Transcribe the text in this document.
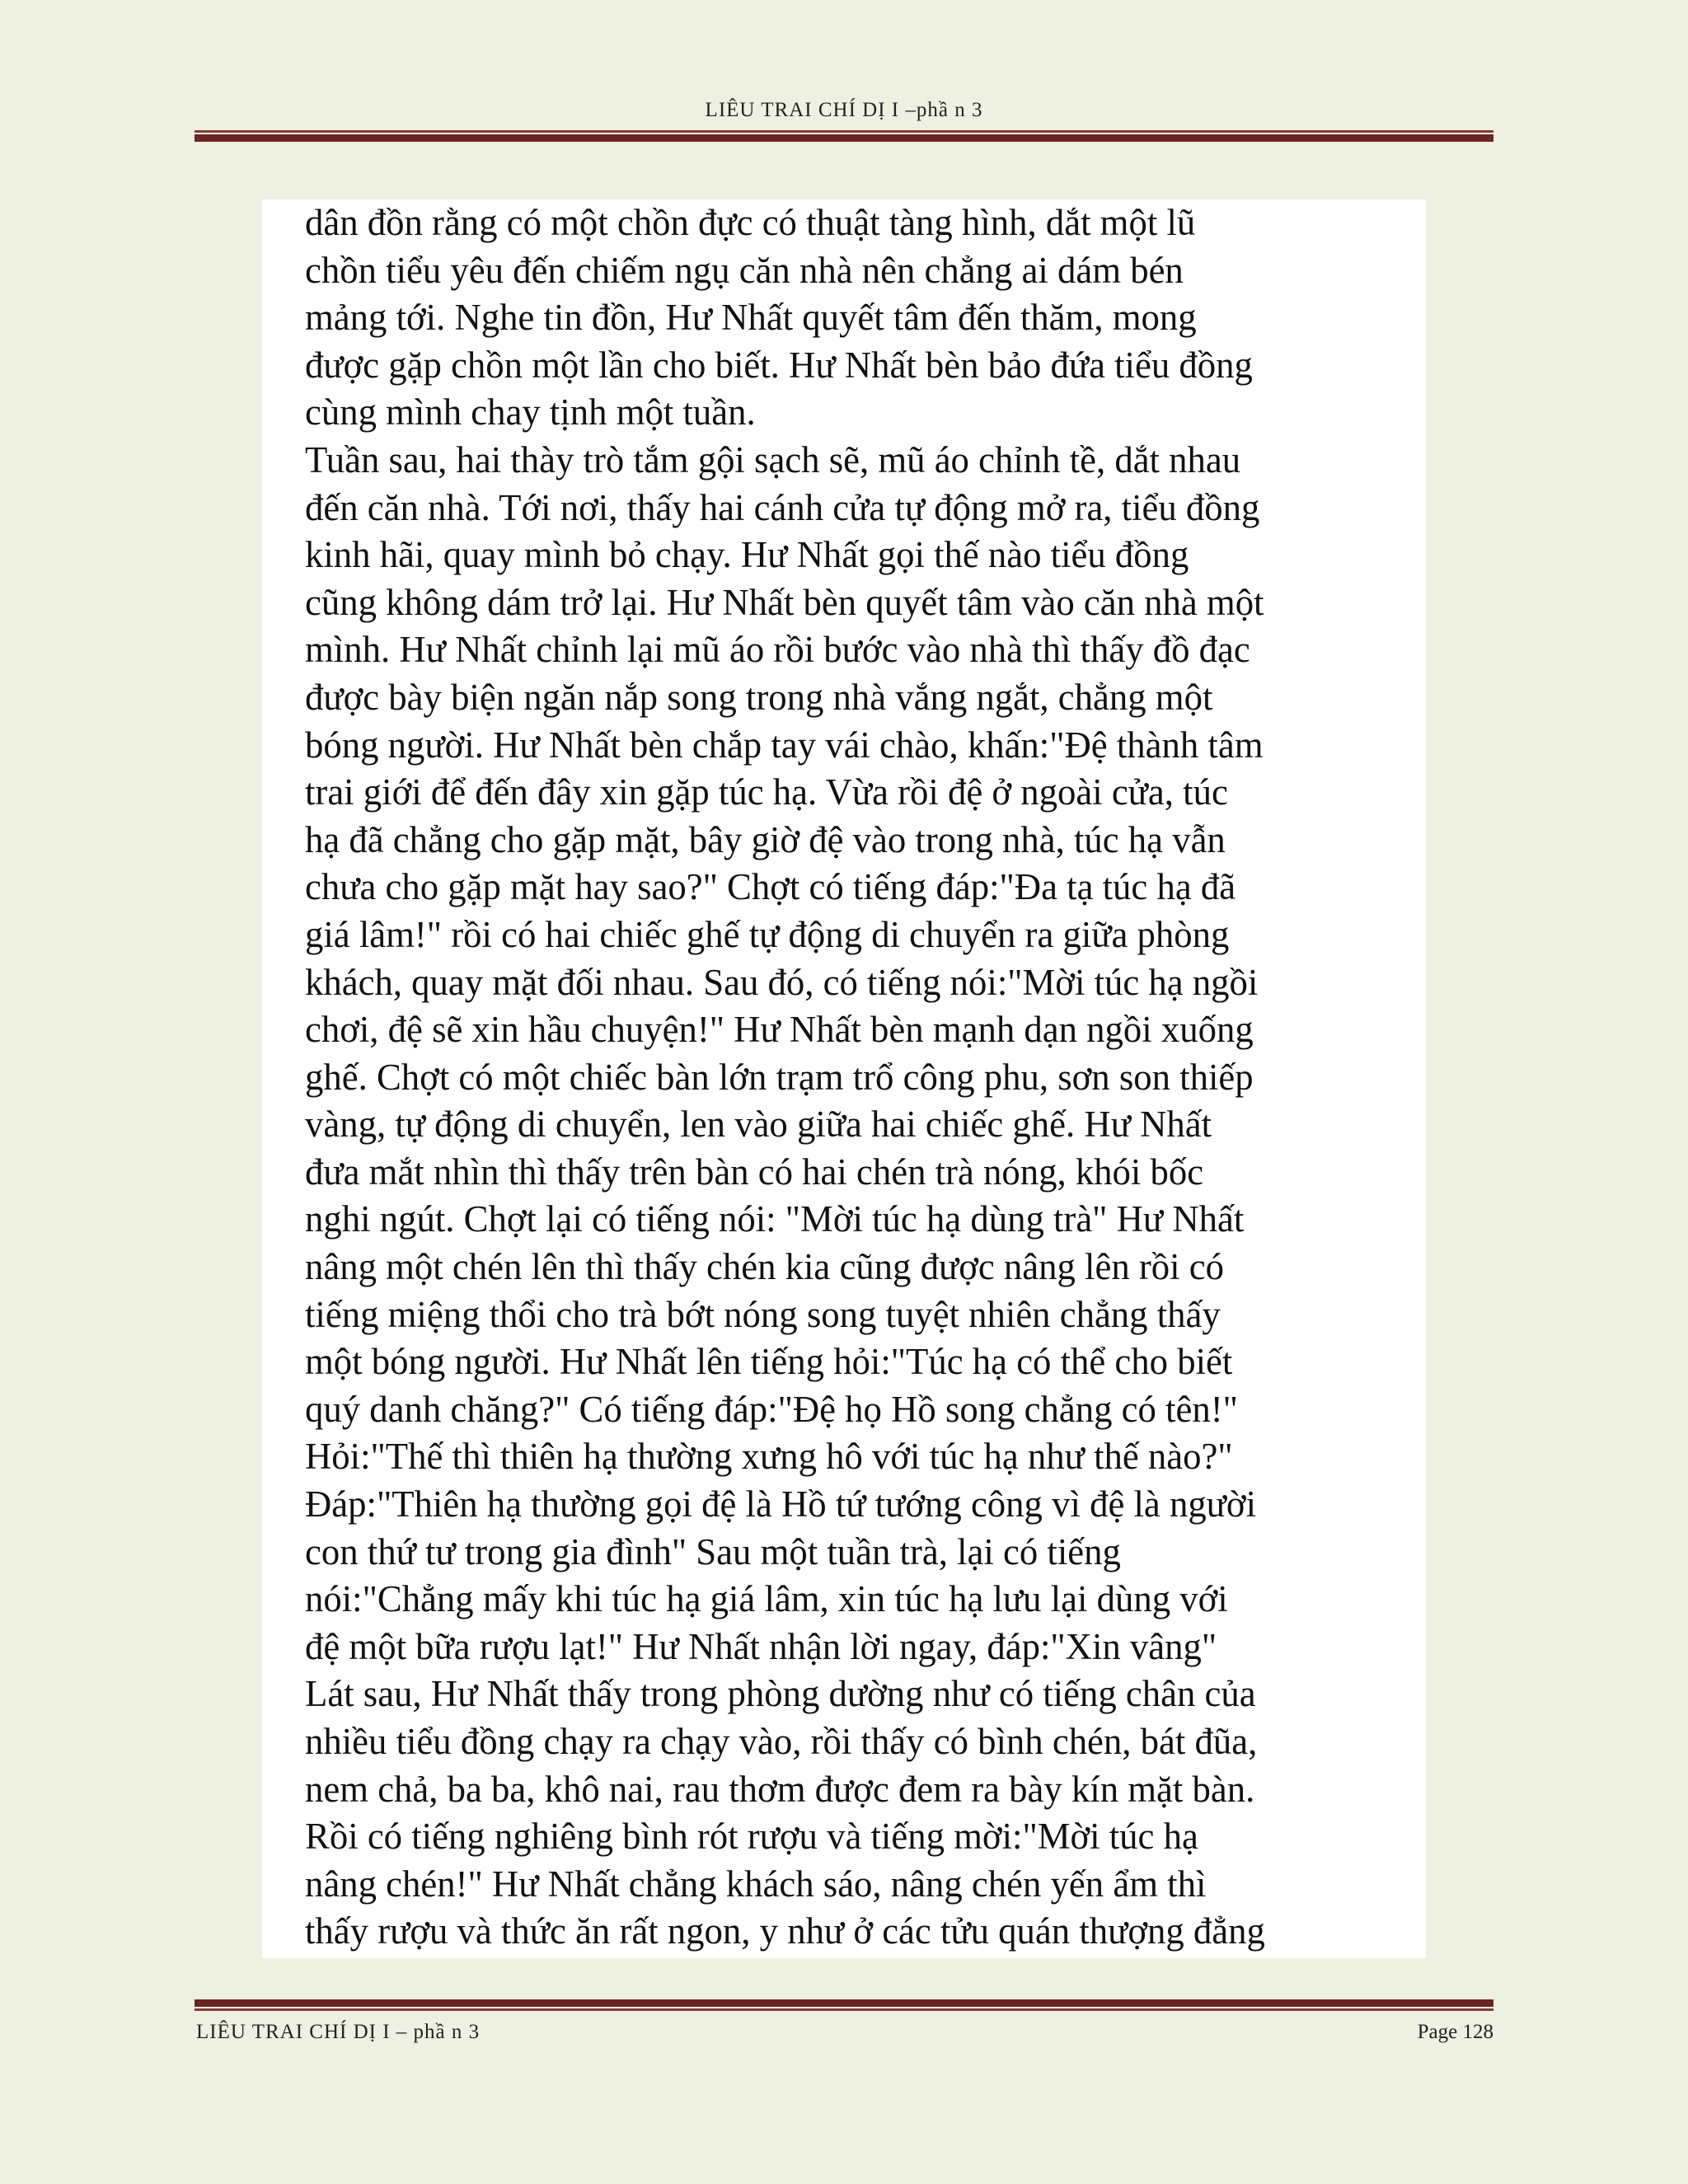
LIÊU TRAI CHÍ DỊ I –phầ n 3
dân đồn rằng có một chồn đực có thuật tàng hình, dắt một lũ
chồn tiểu yêu đến chiếm ngụ căn nhà nên chẳng ai dám bén
mảng tới. Nghe tin đồn, Hư Nhất quyết tâm đến thăm, mong
được gặp chồn một lần cho biết. Hư Nhất bèn bảo đứa tiểu đồng
cùng mình chay tịnh một tuần.
Tuần sau, hai thày trò tắm gội sạch sẽ, mũ áo chỉnh tề, dắt nhau
đến căn nhà. Tới nơi, thấy hai cánh cửa tự động mở ra, tiểu đồng
kinh hãi, quay mình bỏ chạy. Hư Nhất gọi thế nào tiểu đồng
cũng không dám trở lại. Hư Nhất bèn quyết tâm vào căn nhà một
mình. Hư Nhất chỉnh lại mũ áo rồi bước vào nhà thì thấy đồ đạc
được bày biện ngăn nắp song trong nhà vắng ngắt, chẳng một
bóng người. Hư Nhất bèn chắp tay vái chào, khấn:"Đệ thành tâm
trai giới để đến đây xin gặp túc hạ. Vừa rồi đệ ở ngoài cửa, túc
hạ đã chẳng cho gặp mặt, bây giờ đệ vào trong nhà, túc hạ vẫn
chưa cho gặp mặt hay sao?" Chợt có tiếng đáp:"Đa tạ túc hạ đã
giá lâm!" rồi có hai chiếc ghế tự động di chuyển ra giữa phòng
khách, quay mặt đối nhau. Sau đó, có tiếng nói:"Mời túc hạ ngồi
chơi, đệ sẽ xin hầu chuyện!" Hư Nhất bèn mạnh dạn ngồi xuống
ghế. Chợt có một chiếc bàn lớn trạm trổ công phu, sơn son thiếp
vàng, tự động di chuyển, len vào giữa hai chiếc ghế. Hư Nhất
đưa mắt nhìn thì thấy trên bàn có hai chén trà nóng, khói bốc
nghi ngút. Chợt lại có tiếng nói: "Mời túc hạ dùng trà" Hư Nhất
nâng một chén lên thì thấy chén kia cũng được nâng lên rồi có
tiếng miệng thổi cho trà bớt nóng song tuyệt nhiên chẳng thấy
một bóng người. Hư Nhất lên tiếng hỏi:"Túc hạ có thể cho biết
quý danh chăng?" Có tiếng đáp:"Đệ họ Hồ song chẳng có tên!"
Hỏi:"Thế thì thiên hạ thường xưng hô với túc hạ như thế nào?"
Đáp:"Thiên hạ thường gọi đệ là Hồ tứ tướng công vì đệ là người
con thứ tư trong gia đình" Sau một tuần trà, lại có tiếng
nói:"Chẳng mấy khi túc hạ giá lâm, xin túc hạ lưu lại dùng với
đệ một bữa rượu lạt!" Hư Nhất nhận lời ngay, đáp:"Xin vâng"
Lát sau, Hư Nhất thấy trong phòng dường như có tiếng chân của
nhiều tiểu đồng chạy ra chạy vào, rồi thấy có bình chén, bát đũa,
nem chả, ba ba, khô nai, rau thơm được đem ra bày kín mặt bàn.
Rồi có tiếng nghiêng bình rót rượu và tiếng mời:"Mời túc hạ
nâng chén!" Hư Nhất chẳng khách sáo, nâng chén yến ẩm thì
thấy rượu và thức ăn rất ngon, y như ở các tửu quán thượng đẳng
LIÊU TRAI CHÍ DỊ I – phầ n 3	Page 128
